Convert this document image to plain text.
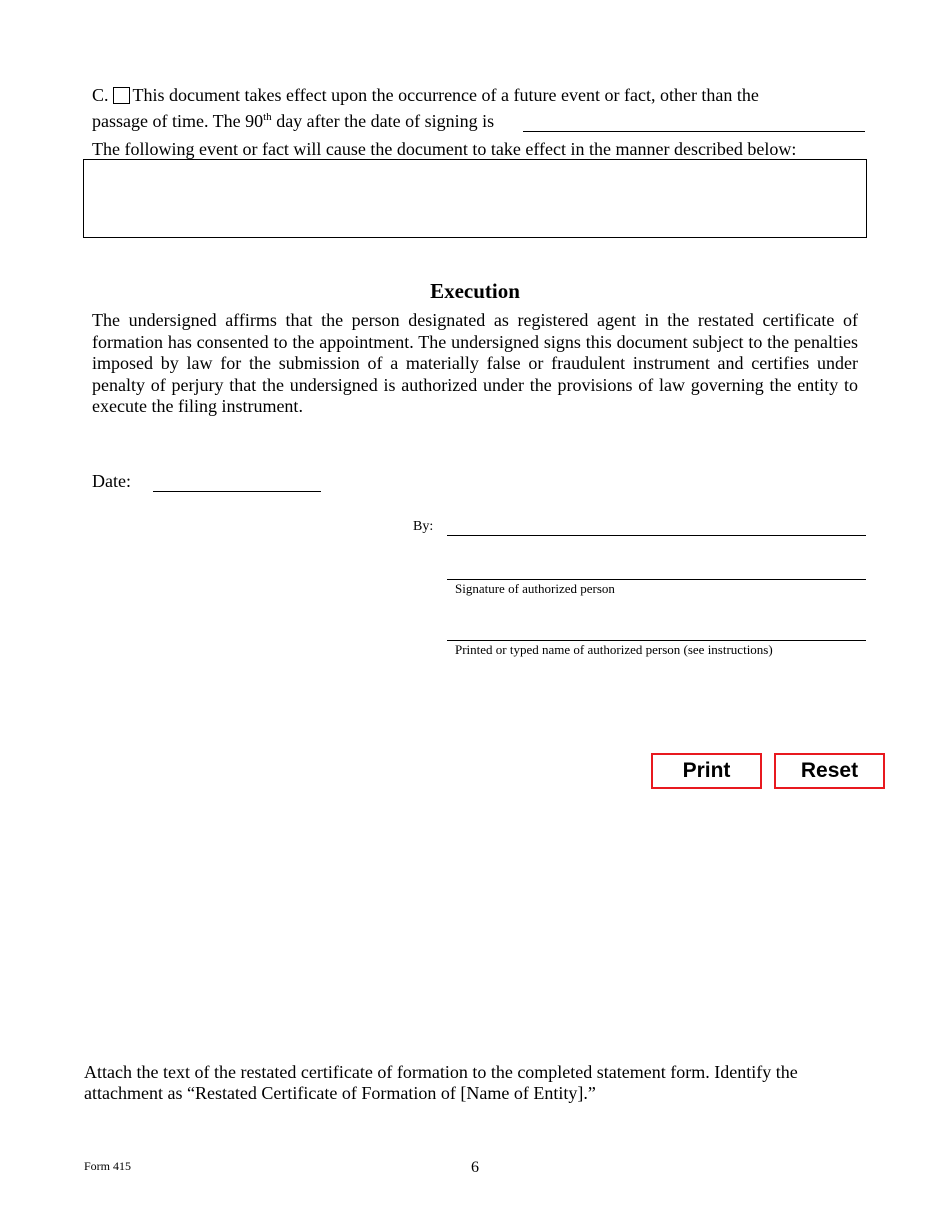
C. This document takes effect upon the occurrence of a future event or fact, other than the
passage of time. The 90th day after the date of signing is
The following event or fact will cause the document to take effect in the manner described below:
Execution
The undersigned affirms that the person designated as registered agent in the restated certificate of formation has consented to the appointment. The undersigned signs this document subject to the penalties imposed by law for the submission of a materially false or fraudulent instrument and certifies under penalty of perjury that the undersigned is authorized under the provisions of law governing the entity to execute the filing instrument.
Date:
By:
Signature of authorized person
Printed or typed name of authorized person (see instructions)
Print	Reset
Attach the text of the restated certificate of formation to the completed statement form. Identify the attachment as “Restated Certificate of Formation of [Name of Entity].”
Form 415	6
